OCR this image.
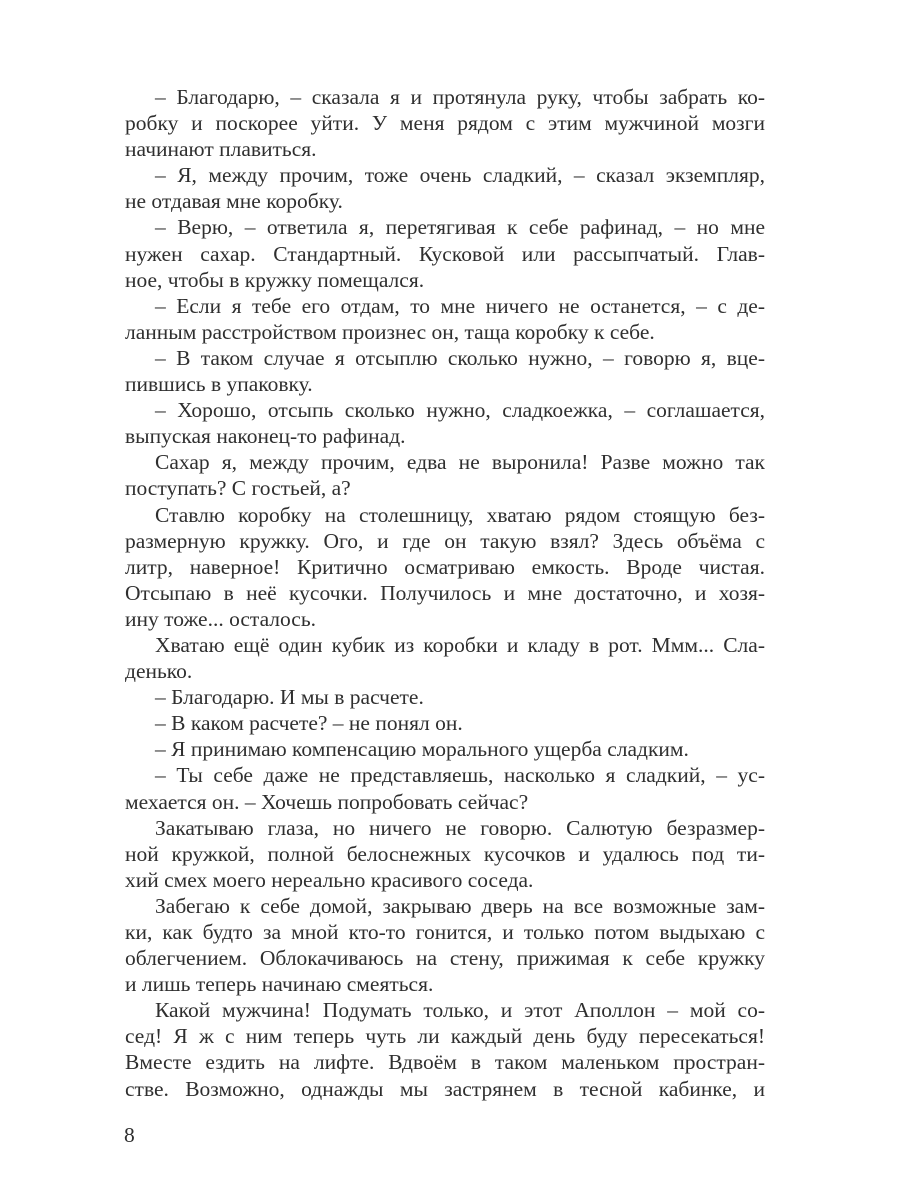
– Благодарю, – сказала я и протянула руку, чтобы забрать ко-
робку и поскорее уйти. У меня рядом с этим мужчиной мозги
начинают плавиться.
– Я, между прочим, тоже очень сладкий, – сказал экземпляр,
не отдавая мне коробку.
– Верю, – ответила я, перетягивая к себе рафинад, – но мне
нужен сахар. Стандартный. Кусковой или рассыпчатый. Глав-
ное, чтобы в кружку помещался.
– Если я тебе его отдам, то мне ничего не останется, – с де-
ланным расстройством произнес он, таща коробку к себе.
– В таком случае я отсыплю сколько нужно, – говорю я, вце-
пившись в упаковку.
– Хорошо, отсыпь сколько нужно, сладкоежка, – соглашается,
выпуская наконец-то рафинад.
Сахар я, между прочим, едва не выронила! Разве можно так
поступать? С гостьей, а?
Ставлю коробку на столешницу, хватаю рядом стоящую без-
размерную кружку. Ого, и где он такую взял? Здесь объёма с
литр, наверное! Критично осматриваю емкость. Вроде чистая.
Отсыпаю в неё кусочки. Получилось и мне достаточно, и хозя-
ину тоже... осталось.
Хватаю ещё один кубик из коробки и кладу в рот. Ммм... Сла-
денько.
– Благодарю. И мы в расчете.
– В каком расчете? – не понял он.
– Я принимаю компенсацию морального ущерба сладким.
– Ты себе даже не представляешь, насколько я сладкий, – ус-
мехается он. – Хочешь попробовать сейчас?
Закатываю глаза, но ничего не говорю. Салютую безразмер-
ной кружкой, полной белоснежных кусочков и удалюсь под ти-
хий смех моего нереально красивого соседа.
Забегаю к себе домой, закрываю дверь на все возможные зам-
ки, как будто за мной кто-то гонится, и только потом выдыхаю с
облегчением. Облокачиваюсь на стену, прижимая к себе кружку
и лишь теперь начинаю смеяться.
Какой мужчина! Подумать только, и этот Аполлон – мой со-
сед! Я ж с ним теперь чуть ли каждый день буду пересекаться!
Вместе ездить на лифте. Вдвоём в таком маленьком простран-
стве. Возможно, однажды мы застрянем в тесной кабинке, и
8
